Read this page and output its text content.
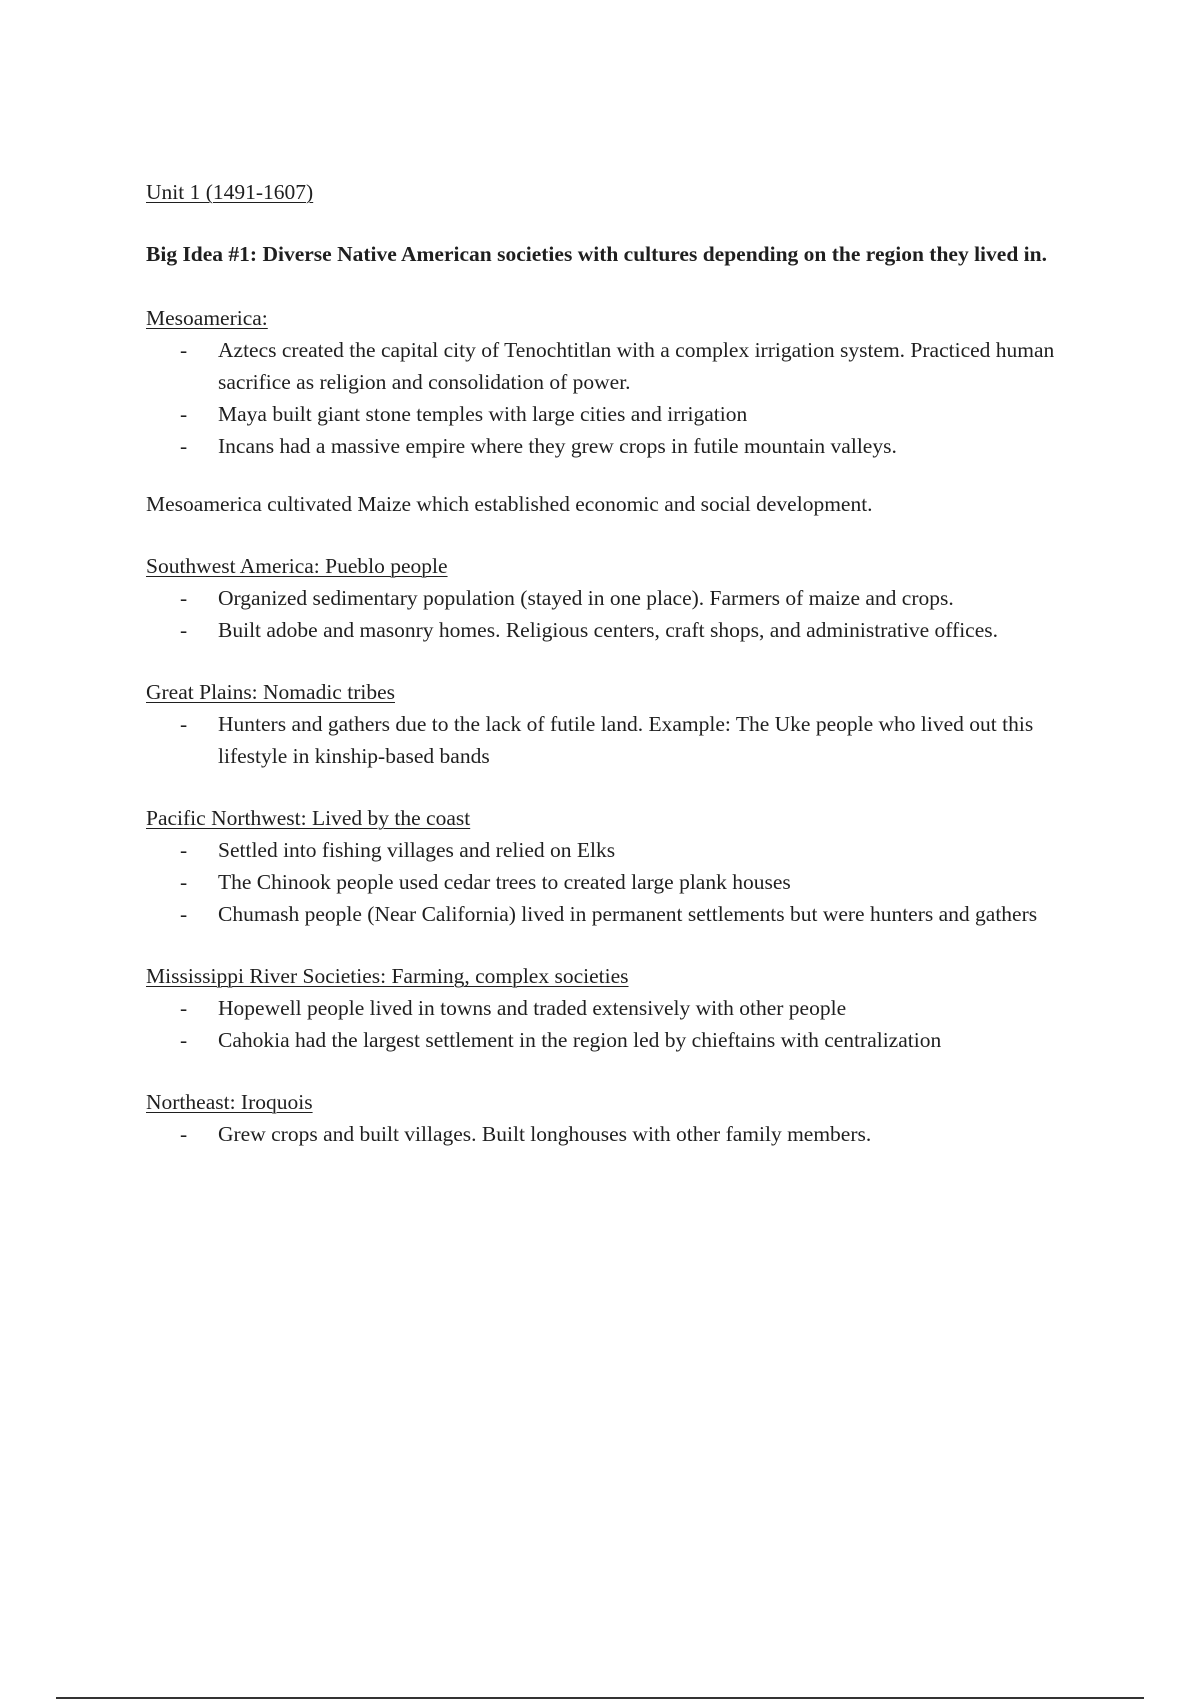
Unit 1 (1491-1607)

Big Idea #1: Diverse Native American societies with cultures depending on the region they lived in.

Mesoamerica:

- Aztecs created the capital city of Tenochtitlan with a complex irrigation system. Practiced human sacrifice as religion and consolidation of power.
- Maya built giant stone temples with large cities and irrigation
- Incans had a massive empire where they grew crops in futile mountain valleys.

Mesoamerica cultivated Maize which established economic and social development.

Southwest America: Pueblo people

- Organized sedimentary population (stayed in one place). Farmers of maize and crops.
- Built adobe and masonry homes. Religious centers, craft shops, and administrative offices.

Great Plains: Nomadic tribes

- Hunters and gathers due to the lack of futile land. Example: The Uke people who lived out this lifestyle in kinship-based bands

Pacific Northwest: Lived by the coast

- Settled into fishing villages and relied on Elks
- The Chinook people used cedar trees to created large plank houses
- Chumash people (Near California) lived in permanent settlements but were hunters and gathers

Mississippi River Societies: Farming, complex societies

- Hopewell people lived in towns and traded extensively with other people
- Cahokia had the largest settlement in the region led by chieftains with centralization

Northeast: Iroquois

- Grew crops and built villages. Built longhouses with other family members.
